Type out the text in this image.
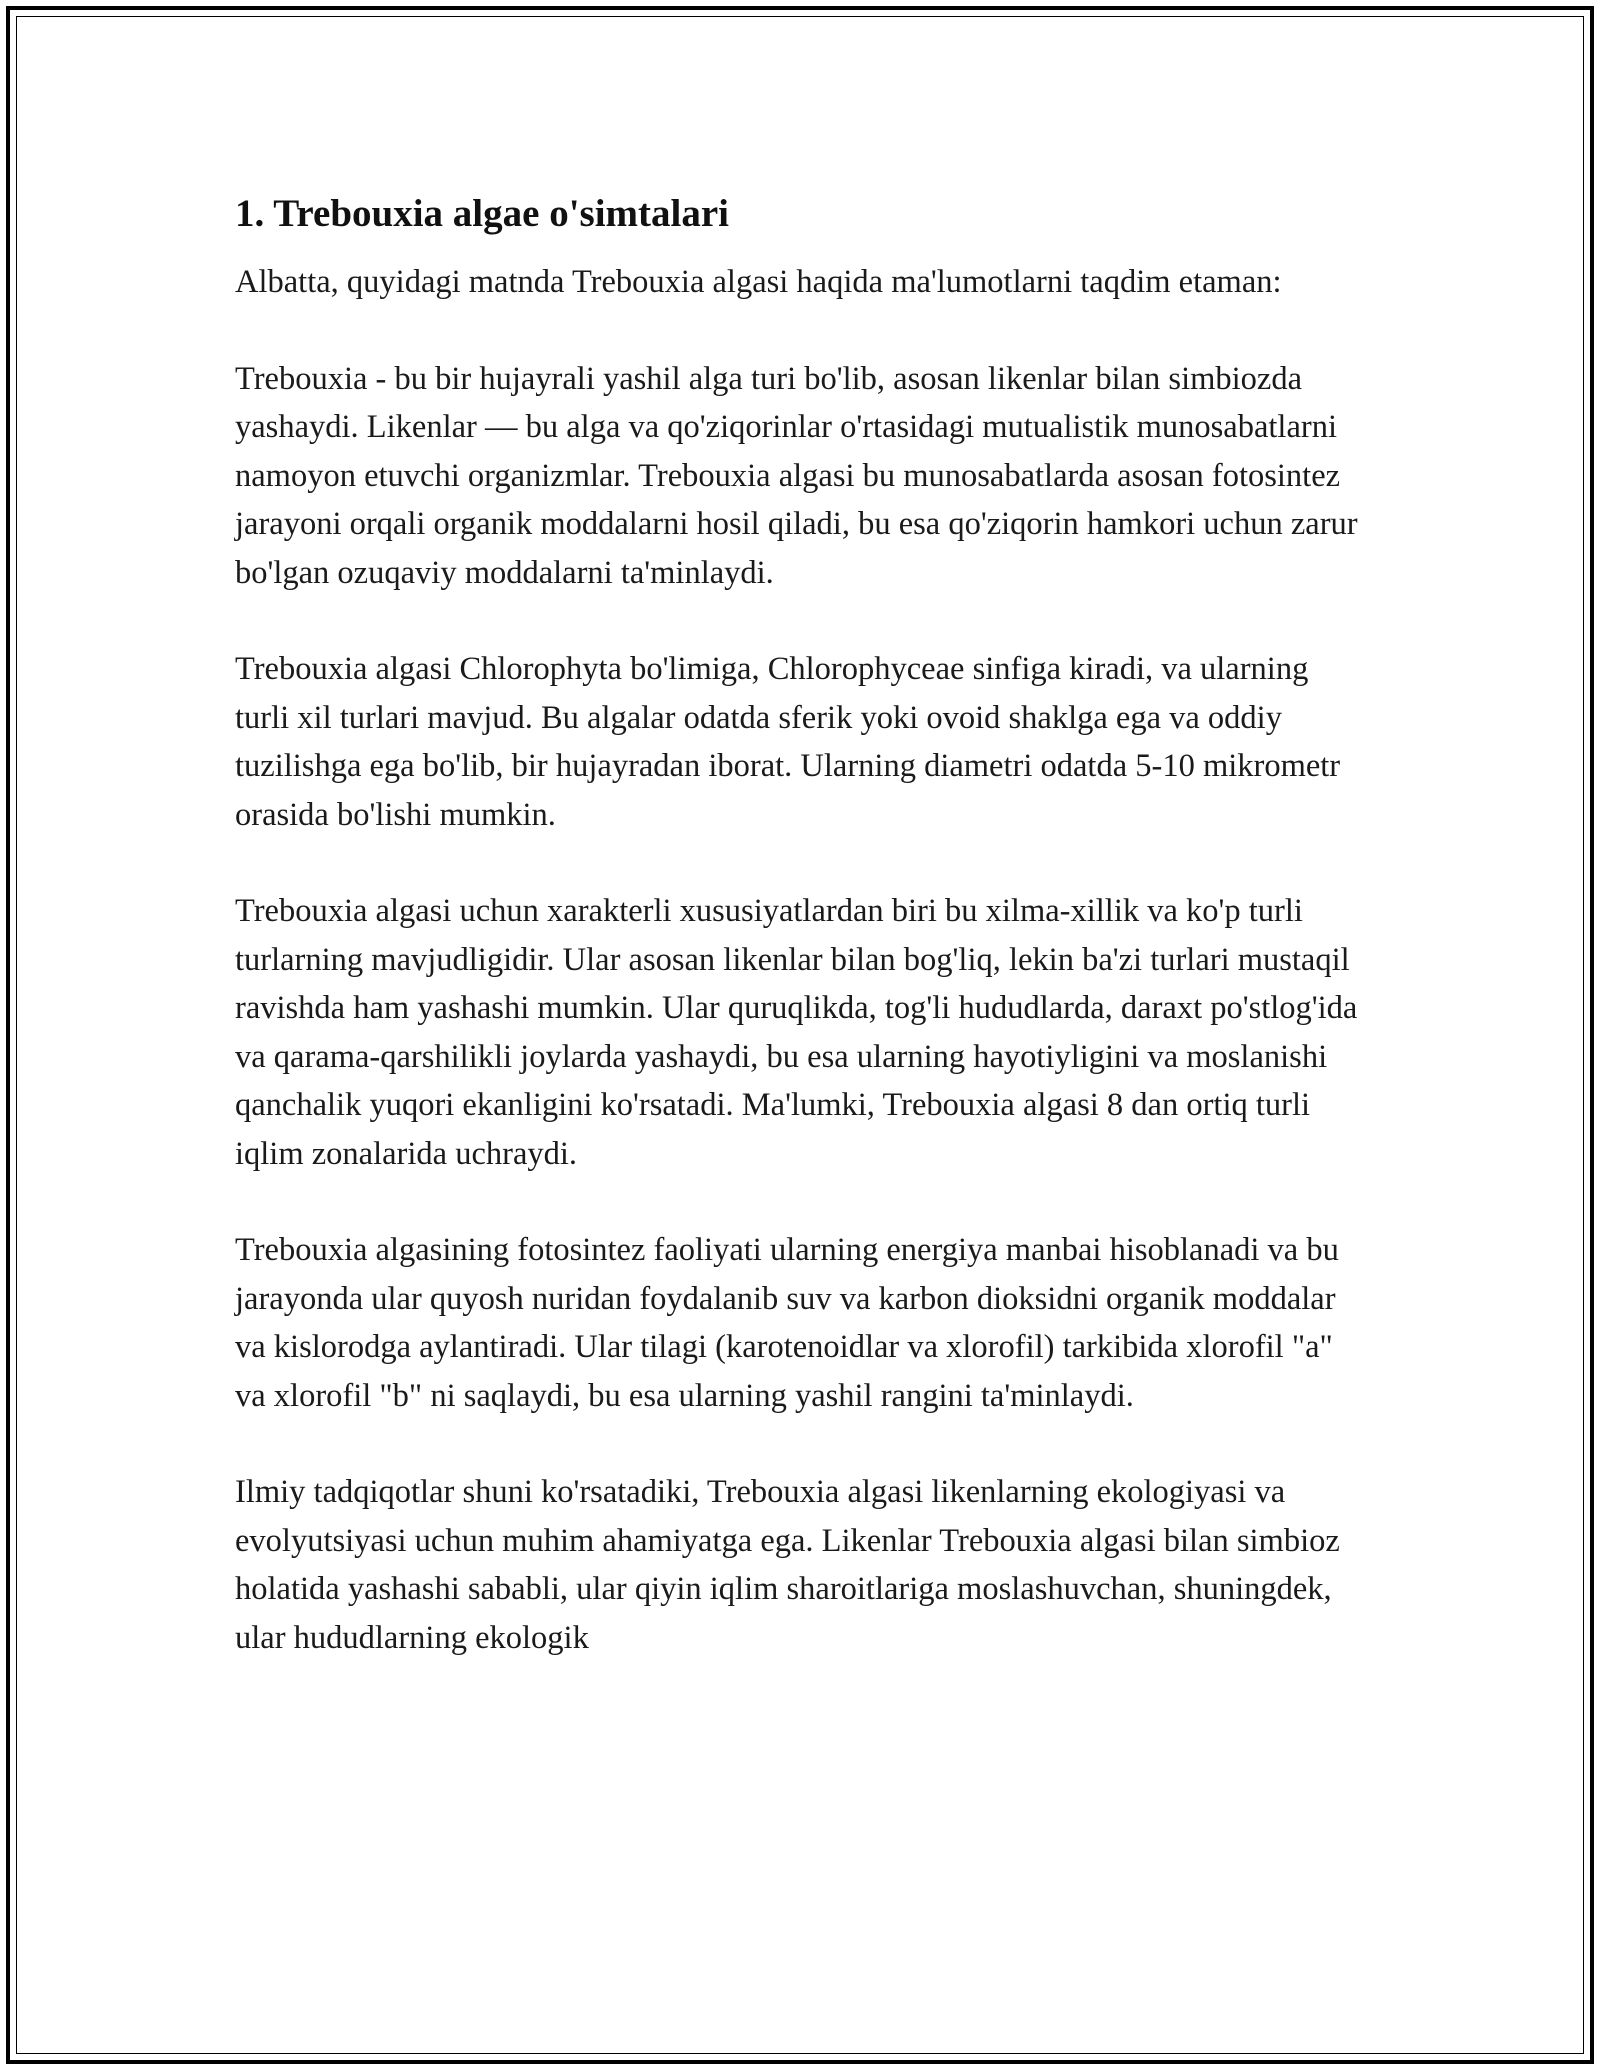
1. Trebouxia algae o'simtalari

Albatta, quyidagi matnda Trebouxia algasi haqida ma'lumotlarni taqdim etaman:

Trebouxia - bu bir hujayrali yashil alga turi bo'lib, asosan likenlar bilan simbiozda yashaydi. Likenlar — bu alga va qo'ziqorinlar o'rtasidagi mutualistik munosabatlarni namoyon etuvchi organizmlar. Trebouxia algasi bu munosabatlarda asosan fotosintez jarayoni orqali organik moddalarni hosil qiladi, bu esa qo'ziqorin hamkori uchun zarur bo'lgan ozuqaviy moddalarni ta'minlaydi.

Trebouxia algasi Chlorophyta bo'limiga, Chlorophyceae sinfiga kiradi, va ularning turli xil turlari mavjud. Bu algalar odatda sferik yoki ovoid shaklga ega va oddiy tuzilishga ega bo'lib, bir hujayradan iborat. Ularning diametri odatda 5-10 mikrometr orasida bo'lishi mumkin.

Trebouxia algasi uchun xarakterli xususiyatlardan biri bu xilma-xillik va ko'p turli turlarning mavjudligidir. Ular asosan likenlar bilan bog'liq, lekin ba'zi turlari mustaqil ravishda ham yashashi mumkin. Ular quruqlikda, tog'li hududlarda, daraxt po'stlog'ida va qarama-qarshilikli joylarda yashaydi, bu esa ularning hayotiyligini va moslanishi qanchalik yuqori ekanligini ko'rsatadi. Ma'lumki, Trebouxia algasi 8 dan ortiq turli iqlim zonalarida uchraydi.

Trebouxia algasining fotosintez faoliyati ularning energiya manbai hisoblanadi va bu jarayonda ular quyosh nuridan foydalanib suv va karbon dioksidni organik moddalar va kislorodga aylantiradi. Ular tilagi (karotenoidlar va xlorofil) tarkibida xlorofil "a" va xlorofil "b" ni saqlaydi, bu esa ularning yashil rangini ta'minlaydi.

Ilmiy tadqiqotlar shuni ko'rsatadiki, Trebouxia algasi likenlarning ekologiyasi va evolyutsiyasi uchun muhim ahamiyatga ega. Likenlar Trebouxia algasi bilan simbioz holatida yashashi sababli, ular qiyin iqlim sharoitlariga moslashuvchan, shuningdek, ular hududlarning ekologik
